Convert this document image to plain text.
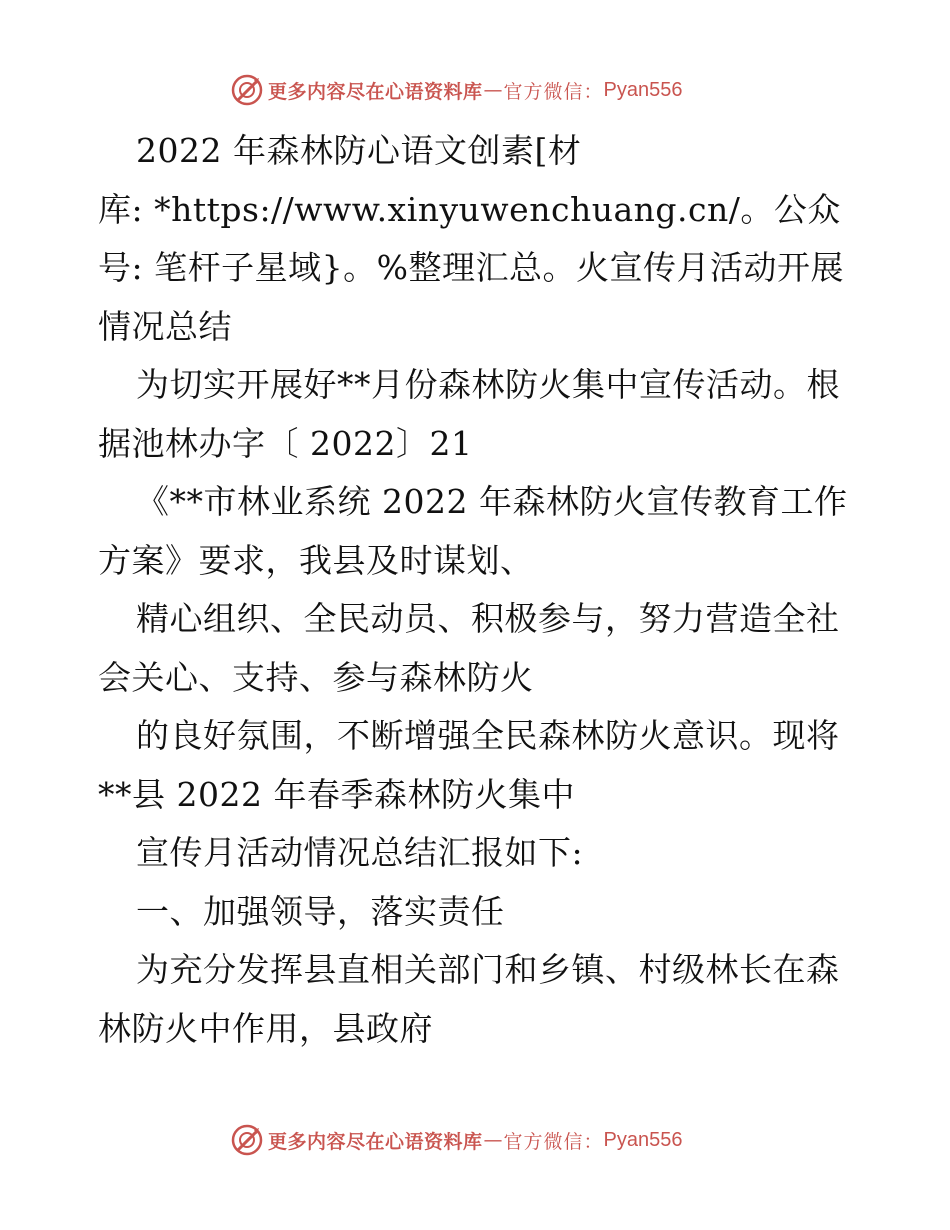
更多内容尽在心语资料库 — 官方微信： Pyan556
2022 年森林防心语文创素[材
库: *https://www.xinyuwenchuang.cn/。公众
号: 笔杆子星域}。%整理汇总。火宣传月活动开展
情况总结
为切实开展好**月份森林防火集中宣传活动。根
据池林办字〔 2022〕21
《**市林业系统 2022 年森林防火宣传教育工作
方案》要求，我县及时谋划、
精心组织、全民动员、积极参与，努力营造全社
会关心、支持、参与森林防火
的良好氛围，不断增强全民森林防火意识。现将
**县 2022 年春季森林防火集中
宣传月活动情况总结汇报如下:
一、加强领导，落实责任
为充分发挥县直相关部门和乡镇、村级林长在森
林防火中作用，县政府
更多内容尽在心语资料库 — 官方微信： Pyan556
